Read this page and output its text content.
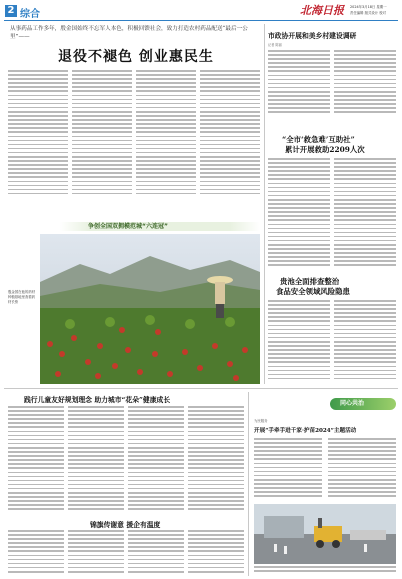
2 综合	北海日报 2024年3月18日 星期一
责任编辑 版式设计 校对
从事药品工作多年，殷金国始终不忘军人本色，积极回馈社会，致力打造农村药品配送“最后一公里”——
退役不褪色 创业惠民生
争创全国双拥模范城“六连冠”
殷金国在他的药材种植基地里查看药材长势
市政协开展和美乡村建设调研
记者 陈丽
“全市‘救急难’互助社”
累计开展救助2209人次
贵池全面排查整治
食品安全领域风险隐患
践行儿童友好规划理念 助力城市“花朵”健康成长
锦旗传谢意 援企有温度
为民服务
同心共治
开展“手牵手进千家·护苗2024”主题活动
